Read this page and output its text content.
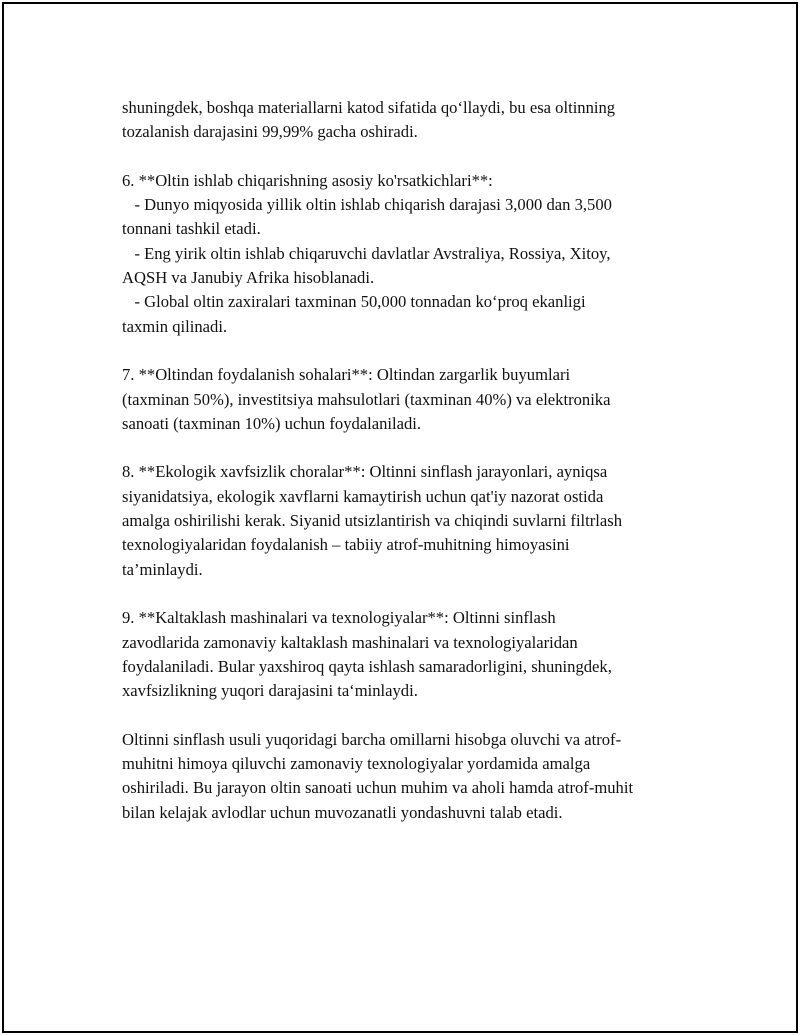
shuningdek, boshqa materiallarni katod sifatida qo‘llaydi, bu esa oltinning
tozalanish darajasini 99,99% gacha oshiradi.

6. **Oltin ishlab chiqarishning asosiy ko'rsatkichlari**:
- Dunyo miqyosida yillik oltin ishlab chiqarish darajasi 3,000 dan 3,500
tonnani tashkil etadi.
- Eng yirik oltin ishlab chiqaruvchi davlatlar Avstraliya, Rossiya, Xitoy,
AQSH va Janubiy Afrika hisoblanadi.
- Global oltin zaxiralari taxminan 50,000 tonnadan ko‘proq ekanligi
taxmin qilinadi.

7. **Oltindan foydalanish sohalari**: Oltindan zargarlik buyumlari
(taxminan 50%), investitsiya mahsulotlari (taxminan 40%) va elektronika
sanoati (taxminan 10%) uchun foydalaniladi.

8. **Ekologik xavfsizlik choralar**: Oltinni sinflash jarayonlari, ayniqsa
siyanidatsiya, ekologik xavflarni kamaytirish uchun qat'iy nazorat ostida
amalga oshirilishi kerak. Siyanid utsizlantirish va chiqindi suvlarni filtrlash
texnologiyalaridan foydalanish – tabiiy atrof-muhitning himoyasini
ta’minlaydi.

9. **Kaltaklash mashinalari va texnologiyalar**: Oltinni sinflash
zavodlarida zamonaviy kaltaklash mashinalari va texnologiyalaridan
foydalaniladi. Bular yaxshiroq qayta ishlash samaradorligini, shuningdek,
xavfsizlikning yuqori darajasini ta‘minlaydi.

Oltinni sinflash usuli yuqoridagi barcha omillarni hisobga oluvchi va atrof-
muhitni himoya qiluvchi zamonaviy texnologiyalar yordamida amalga
oshiriladi. Bu jarayon oltin sanoati uchun muhim va aholi hamda atrof-muhit
bilan kelajak avlodlar uchun muvozanatli yondashuvni talab etadi.
